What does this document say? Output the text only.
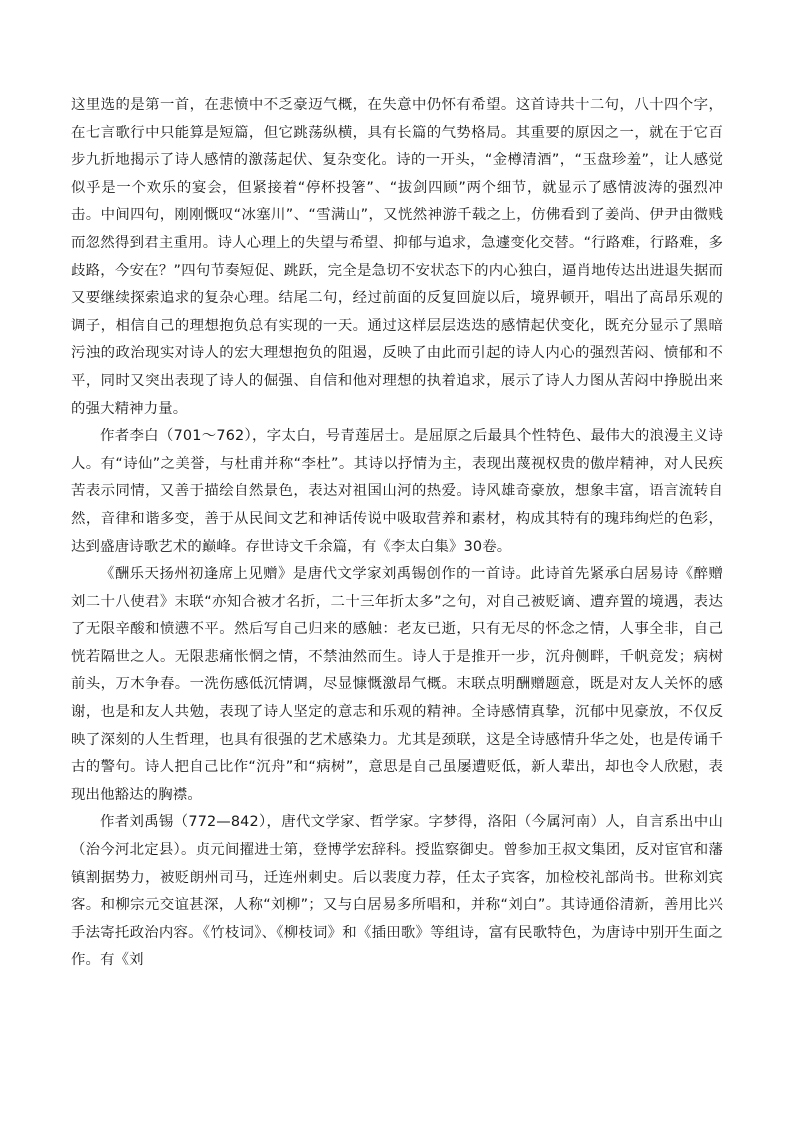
这里选的是第一首，在悲愤中不乏豪迈气概，在失意中仍怀有希望。这首诗共十二句，八十四个字，在七言歌行中只能算是短篇，但它跳荡纵横，具有长篇的气势格局。其重要的原因之一，就在于它百步九折地揭示了诗人感情的激荡起伏、复杂变化。诗的一开头，“金樽清酒”，“玉盘珍羞”，让人感觉似乎是一个欢乐的宴会，但紧接着“停杯投箸”、“拔剑四顾”两个细节，就显示了感情波涛的强烈冲击。中间四句，刚刚慨叹“冰塞川”、“雪满山”，又恍然神游千载之上，仿佛看到了姜尚、伊尹由微贱而忽然得到君主重用。诗人心理上的失望与希望、抑郁与追求，急遽变化交替。“行路难，行路难，多歧路，今安在？”四句节奏短促、跳跃，完全是急切不安状态下的内心独白，逼肖地传达出进退失据而又要继续探索追求的复杂心理。结尾二句，经过前面的反复回旋以后，境界顿开，唱出了高昂乐观的调子，相信自己的理想抱负总有实现的一天。通过这样层层迭迭的感情起伏变化，既充分显示了黑暗污浊的政治现实对诗人的宏大理想抱负的阻遏，反映了由此而引起的诗人内心的强烈苦闷、愤郁和不平，同时又突出表现了诗人的倔强、自信和他对理想的执着追求，展示了诗人力图从苦闷中挣脱出来的强大精神力量。

作者李白（701～762），字太白，号青莲居士。是屈原之后最具个性特色、最伟大的浪漫主义诗人。有“诗仙”之美誉，与杜甫并称“李杜”。其诗以抒情为主，表现出蔑视权贵的傲岸精神，对人民疾苦表示同情，又善于描绘自然景色，表达对祖国山河的热爱。诗风雄奇豪放，想象丰富，语言流转自然，音律和谐多变，善于从民间文艺和神话传说中吸取营养和素材，构成其特有的瑰玮绚烂的色彩，达到盛唐诗歌艺术的巅峰。存世诗文千余篇，有《李太白集》30卷。

《酬乐天扬州初逢席上见赠》是唐代文学家刘禹锡创作的一首诗。此诗首先紧承白居易诗《醉赠刘二十八使君》末联“亦知合被才名折，二十三年折太多”之句，对自己被贬谪、遭弃置的境遇，表达了无限辛酸和愤懑不平。然后写自己归来的感触：老友已逝，只有无尽的怀念之情，人事全非，自己恍若隔世之人。无限悲痛怅惘之情，不禁油然而生。诗人于是推开一步，沉舟侧畔，千帆竞发；病树前头，万木争春。一洗伤感低沉情调，尽显慷慨激昂气概。末联点明酬赠题意，既是对友人关怀的感谢，也是和友人共勉，表现了诗人坚定的意志和乐观的精神。全诗感情真挚，沉郁中见豪放，不仅反映了深刻的人生哲理，也具有很强的艺术感染力。尤其是颈联，这是全诗感情升华之处，也是传诵千古的警句。诗人把自己比作“沉舟”和“病树”，意思是自己虽屡遭贬低，新人辈出，却也令人欣慰，表现出他豁达的胸襟。

作者刘禹锡（772—842），唐代文学家、哲学家。字梦得，洛阳（今属河南）人，自言系出中山（治今河北定县）。贞元间擢进士第，登博学宏辞科。授监察御史。曾参加王叔文集团，反对宦官和藩镇割据势力，被贬朗州司马，迁连州刺史。后以裴度力荐，任太子宾客，加检校礼部尚书。世称刘宾客。和柳宗元交谊甚深，人称“刘柳”；又与白居易多所唱和，并称“刘白”。其诗通俗清新，善用比兴手法寄托政治内容。《竹枝词》、《柳枝词》和《插田歌》等组诗，富有民歌特色，为唐诗中别开生面之作。有《刘
